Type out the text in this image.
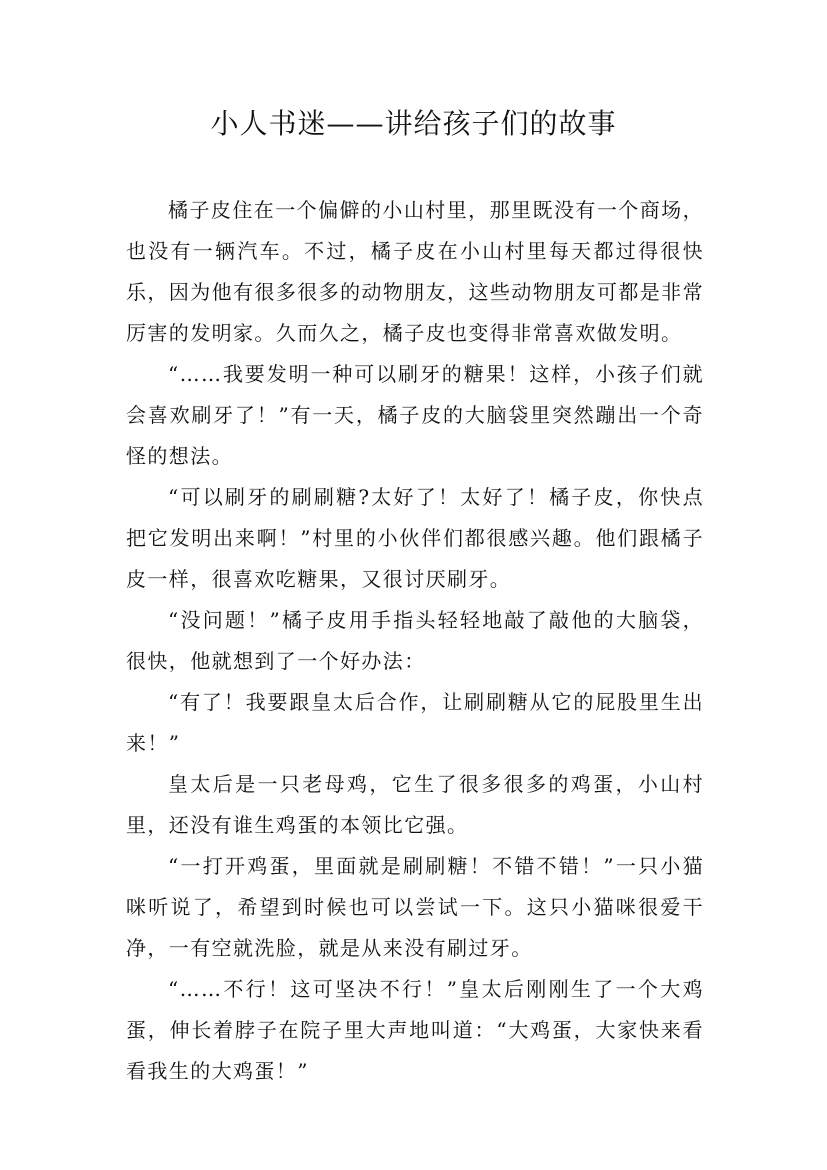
小人书迷——讲给孩子们的故事

橘子皮住在一个偏僻的小山村里，那里既没有一个商场，也没有一辆汽车。不过，橘子皮在小山村里每天都过得很快乐，因为他有很多很多的动物朋友，这些动物朋友可都是非常厉害的发明家。久而久之，橘子皮也变得非常喜欢做发明。

“……我要发明一种可以刷牙的糖果！这样，小孩子们就会喜欢刷牙了！”有一天，橘子皮的大脑袋里突然蹦出一个奇怪的想法。

“可以刷牙的刷刷糖?太好了！太好了！橘子皮，你快点把它发明出来啊！”村里的小伙伴们都很感兴趣。他们跟橘子皮一样，很喜欢吃糖果，又很讨厌刷牙。

“没问题！”橘子皮用手指头轻轻地敲了敲他的大脑袋，很快，他就想到了一个好办法：

“有了！我要跟皇太后合作，让刷刷糖从它的屁股里生出来！”

皇太后是一只老母鸡，它生了很多很多的鸡蛋，小山村里，还没有谁生鸡蛋的本领比它强。

“一打开鸡蛋，里面就是刷刷糖！不错不错！”一只小猫咪听说了，希望到时候也可以尝试一下。这只小猫咪很爱干净，一有空就洗脸，就是从来没有刷过牙。

“……不行！这可坚决不行！”皇太后刚刚生了一个大鸡蛋，伸长着脖子在院子里大声地叫道：“大鸡蛋，大家快来看看我生的大鸡蛋！”
